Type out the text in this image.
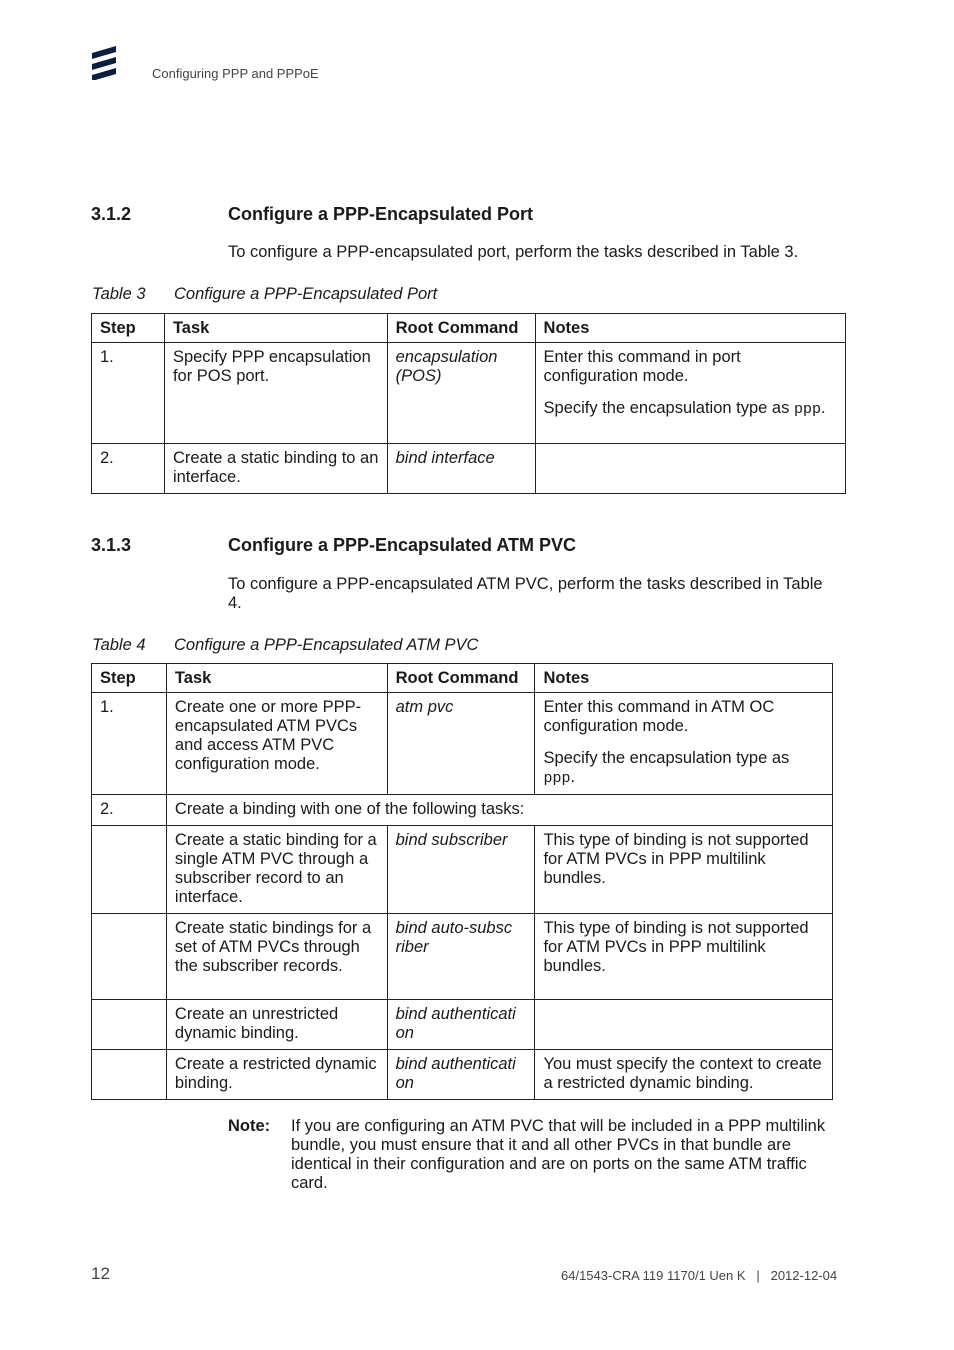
Configuring PPP and PPPoE
3.1.2	Configure a PPP-Encapsulated Port
To configure a PPP-encapsulated port, perform the tasks described in Table 3.
Table 3 Configure a PPP-Encapsulated Port
Step	Task	Root Command	Notes
1.	Specify PPP encapsulation for POS port.	encapsulation (POS)	Enter this command in port configuration mode.

Specify the encapsulation type as ppp.

2.	Create a static binding to an interface.	bind interface	
3.1.3	Configure a PPP-Encapsulated ATM PVC
To configure a PPP-encapsulated ATM PVC, perform the tasks described in Table 4.
Table 4 Configure a PPP-Encapsulated ATM PVC
Step	Task	Root Command	Notes
1.	Create one or more PPP-encapsulated ATM PVCs and access ATM PVC configuration mode.	atm pvc	Enter this command in ATM OC configuration mode.

Specify the encapsulation type as ppp.

2.	Create a binding with one of the following tasks:		
	Create a static binding for a single ATM PVC through a subscriber record to an interface.	bind subscriber	This type of binding is not supported for ATM PVCs in PPP multilink bundles.
	Create static bindings for a set of ATM PVCs through the subscriber records.	bind auto-subsc riber	This type of binding is not supported for ATM PVCs in PPP multilink bundles.
	Create an unrestricted dynamic binding.	bind authenticati on	
	Create a restricted dynamic binding.	bind authenticati on	You must specify the context to create a restricted dynamic binding.
Note:	If you are configuring an ATM PVC that will be included in a PPP multilink bundle, you must ensure that it and all other PVCs in that bundle are identical in their configuration and are on ports on the same ATM traffic card.
12	64/1543-CRA 119 1170/1 Uen K   |   2012-12-04
